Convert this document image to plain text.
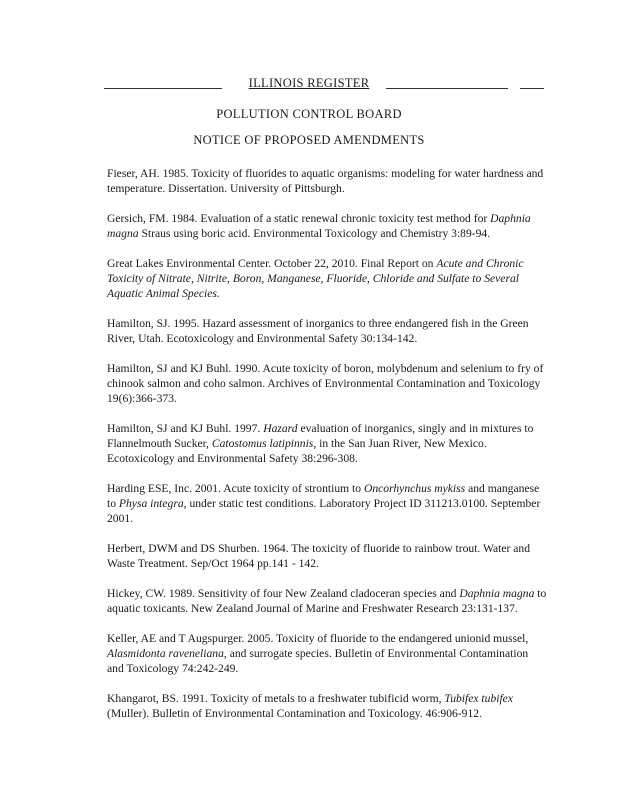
ILLINOIS REGISTER
POLLUTION CONTROL BOARD
NOTICE OF PROPOSED AMENDMENTS

Fieser, AH. 1985. Toxicity of fluorides to aquatic organisms: modeling for water hardness and temperature. Dissertation. University of Pittsburgh.

Gersich, FM. 1984. Evaluation of a static renewal chronic toxicity test method for Daphnia magna Straus using boric acid. Environmental Toxicology and Chemistry 3:89-94.

Great Lakes Environmental Center. October 22, 2010. Final Report on Acute and Chronic Toxicity of Nitrate, Nitrite, Boron, Manganese, Fluoride, Chloride and Sulfate to Several Aquatic Animal Species.

Hamilton, SJ. 1995. Hazard assessment of inorganics to three endangered fish in the Green River, Utah. Ecotoxicology and Environmental Safety 30:134-142.

Hamilton, SJ and KJ Buhl. 1990. Acute toxicity of boron, molybdenum and selenium to fry of chinook salmon and coho salmon. Archives of Environmental Contamination and Toxicology 19(6):366-373.

Hamilton, SJ and KJ Buhl. 1997. Hazard evaluation of inorganics, singly and in mixtures to Flannelmouth Sucker, Catostomus latipinnis, in the San Juan River, New Mexico. Ecotoxicology and Environmental Safety 38:296-308.

Harding ESE, Inc. 2001. Acute toxicity of strontium to Oncorhynchus mykiss and manganese to Physa integra, under static test conditions. Laboratory Project ID 311213.0100. September 2001.

Herbert, DWM and DS Shurben. 1964. The toxicity of fluoride to rainbow trout. Water and Waste Treatment. Sep/Oct 1964 pp.141 - 142.

Hickey, CW. 1989. Sensitivity of four New Zealand cladoceran species and Daphnia magna to aquatic toxicants. New Zealand Journal of Marine and Freshwater Research 23:131-137.

Keller, AE and T Augspurger. 2005. Toxicity of fluoride to the endangered unionid mussel, Alasmidonta raveneliana, and surrogate species. Bulletin of Environmental Contamination and Toxicology 74:242-249.

Khangarot, BS. 1991. Toxicity of metals to a freshwater tubificid worm, Tubifex tubifex (Muller). Bulletin of Environmental Contamination and Toxicology. 46:906-912.
